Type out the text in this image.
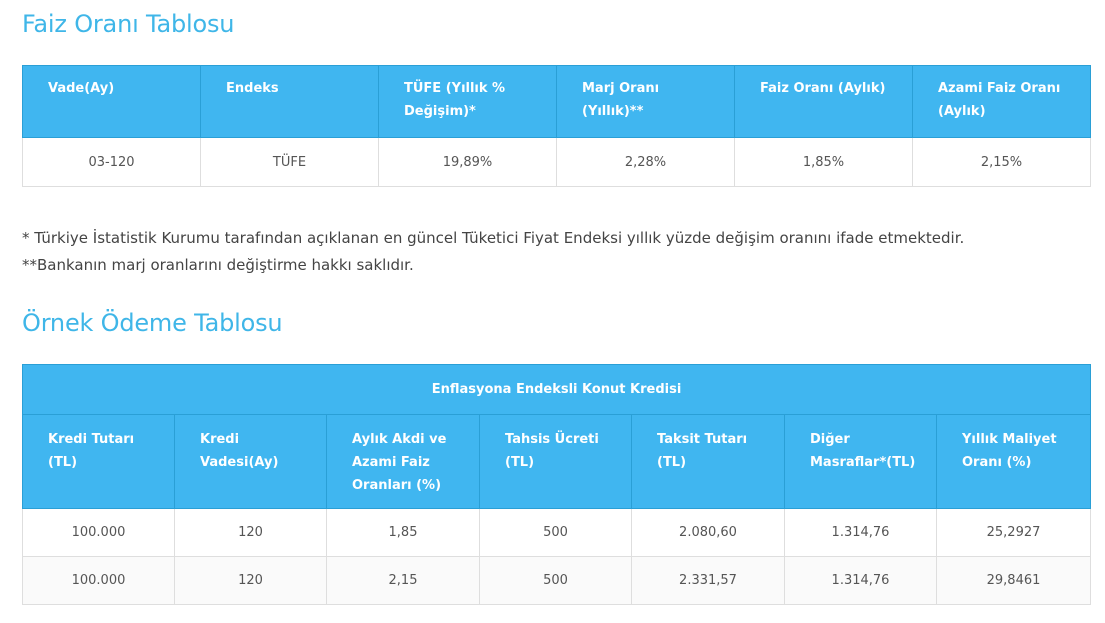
Faiz Oranı Tablosu
Vade(Ay)	Endeks	TÜFE (Yıllık % Değişim)*	Marj Oranı (Yıllık)**	Faiz Oranı (Aylık)	Azami Faiz Oranı (Aylık)
03-120	TÜFE	19,89%	2,28%	1,85%	2,15%

* Türkiye İstatistik Kurumu tarafından açıklanan en güncel Tüketici Fiyat Endeksi yıllık yüzde değişim oranını ifade etmektedir.

**Bankanın marj oranlarını değiştirme hakkı saklıdır.

Örnek Ödeme Tablosu
Enflasyona Endeksli Konut Kredisi						
Kredi Tutarı (TL)	Kredi Vadesi(Ay)	Aylık Akdi ve Azami Faiz Oranları (%)	Tahsis Ücreti (TL)	Taksit Tutarı (TL)	Diğer Masraflar*(TL)	Yıllık Maliyet Oranı (%)
100.000	120	1,85	500	2.080,60	1.314,76	25,2927
100.000	120	2,15	500	2.331,57	1.314,76	29,8461
